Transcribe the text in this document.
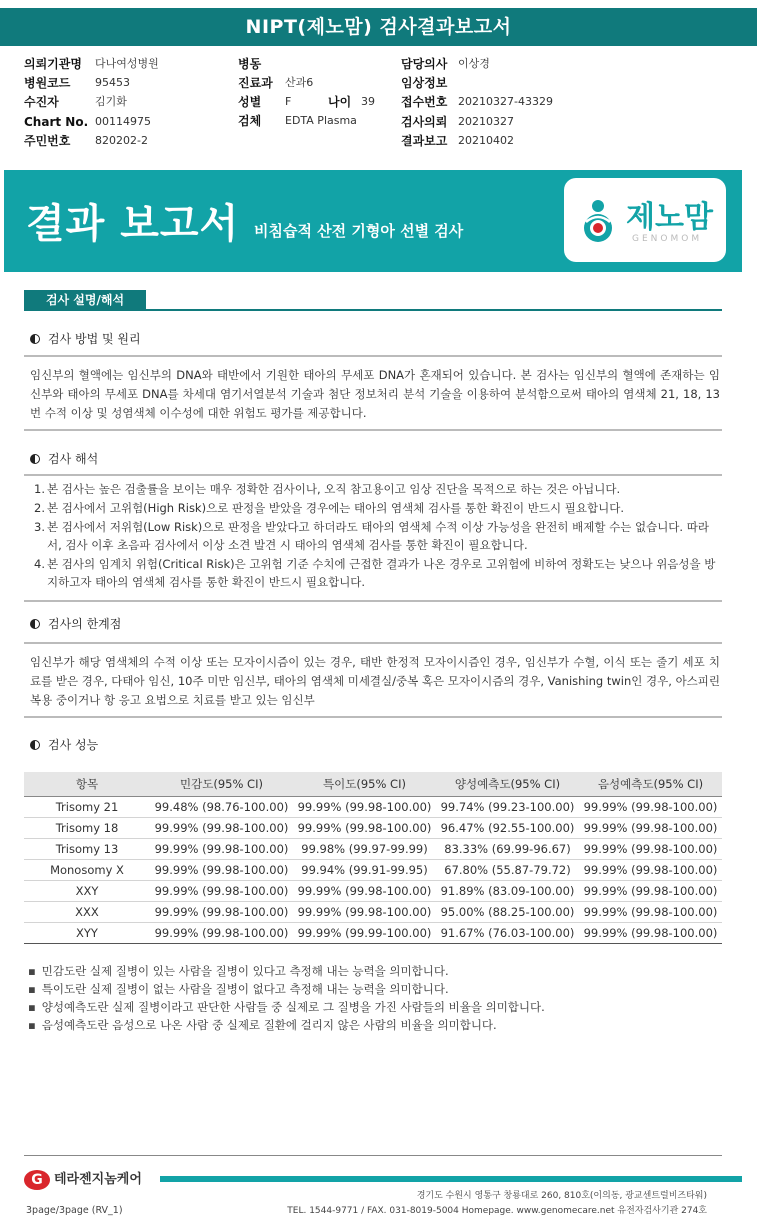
NIPT(제노맘) 검사결과보고서
의뢰기관명 다나여성병원	병동	담당의사 이상경
병원코드 95453	진료과 산과6	임상정보
수진자	김기화	성별 F	나이 39 접수번호 20210327-43329
Chart No. 00114975	검체 EDTA Plasma	검사의뢰 20210327
주민번호 820202-2	결과보고 20210402
결과 보고서 비침습적 산전 기형아 선별 검사	제노맘
GENOMOM
검사 설명/해석
검사 방법 및 원리
임신부의 혈액에는 임신부의 DNA와 태반에서 기원한 태아의 무세포 DNA가 혼재되어 있습니다. 본 검사는 임신부의 혈액에 존재하는 임신부와 태아의 무세포 DNA를 차세대 염기서열분석 기술과 첨단 정보처리 분석 기술을 이용하여 분석함으로써 태아의 염색체 21, 18, 13번 수적 이상 및 성염색체 이수성에 대한 위험도 평가를 제공합니다.
검사 해석
1. 본 검사는 높은 검출률을 보이는 매우 정확한 검사이나, 오직 참고용이고 임상 진단을 목적으로 하는 것은 아닙니다.
2. 본 검사에서 고위험(High Risk)으로 판정을 받았을 경우에는 태아의 염색체 검사를 통한 확진이 반드시 필요합니다.
3. 본 검사에서 저위험(Low Risk)으로 판정을 받았다고 하더라도 태아의 염색체 수적 이상 가능성을 완전히 배제할 수는 없습니다. 따라서, 검사 이후 초음파 검사에서 이상 소견 발견 시 태아의 염색체 검사를 통한 확진이 필요합니다.
4. 본 검사의 임계치 위험(Critical Risk)은 고위험 기준 수치에 근접한 결과가 나온 경우로 고위험에 비하여 정확도는 낮으나 위음성을 방지하고자 태아의 염색체 검사를 통한 확진이 반드시 필요합니다.
검사의 한계점
임신부가 해당 염색체의 수적 이상 또는 모자이시즘이 있는 경우, 태반 한정적 모자이시즘인 경우, 임신부가 수혈, 이식 또는 줄기 세포 치료를 받은 경우, 다태아 임신, 10주 미만 임신부, 태아의 염색체 미세결실/중복 혹은 모자이시즘의 경우, Vanishing twin인 경우, 아스피린 복용 중이거나 항 응고 요법으로 치료를 받고 있는 임신부
검사 성능
항목	민감도(95% CI)	특이도(95% CI)	양성예측도(95% CI)	음성예측도(95% CI)
Trisomy 21	99.48% (98.76-100.00)	99.99% (99.98-100.00)	99.74% (99.23-100.00)	99.99% (99.98-100.00)
Trisomy 18	99.99% (99.98-100.00)	99.99% (99.98-100.00)	96.47% (92.55-100.00)	99.99% (99.98-100.00)
Trisomy 13	99.99% (99.98-100.00)	99.98% (99.97-99.99)	83.33% (69.99-96.67)	99.99% (99.98-100.00)
Monosomy X	99.99% (99.98-100.00)	99.94% (99.91-99.95)	67.80% (55.87-79.72)	99.99% (99.98-100.00)
XXY	99.99% (99.98-100.00)	99.99% (99.98-100.00)	91.89% (83.09-100.00)	99.99% (99.98-100.00)
XXX	99.99% (99.98-100.00)	99.99% (99.98-100.00)	95.00% (88.25-100.00)	99.99% (99.98-100.00)
XYY	99.99% (99.98-100.00)	99.99% (99.99-100.00)	91.67% (76.03-100.00)	99.99% (99.98-100.00)
▪ 민감도란 실제 질병이 있는 사람을 질병이 있다고 측정해 내는 능력을 의미합니다.
▪ 특이도란 실제 질병이 없는 사람을 질병이 없다고 측정해 내는 능력을 의미합니다.
▪ 양성예측도란 실제 질병이라고 판단한 사람들 중 실제로 그 질병을 가진 사람들의 비율을 의미합니다.
▪ 음성예측도란 음성으로 나온 사람 중 실제로 질환에 걸리지 않은 사람의 비율을 의미합니다.
G 테라젠지놈케어
경기도 수원시 영통구 창룡대로 260, 810호(이의동, 광교센트럴비즈타워)
TEL. 1544-9771 / FAX. 031-8019-5004 Homepage. www.genomecare.net 유전자검사기관 274호
3page/3page (RV_1)
